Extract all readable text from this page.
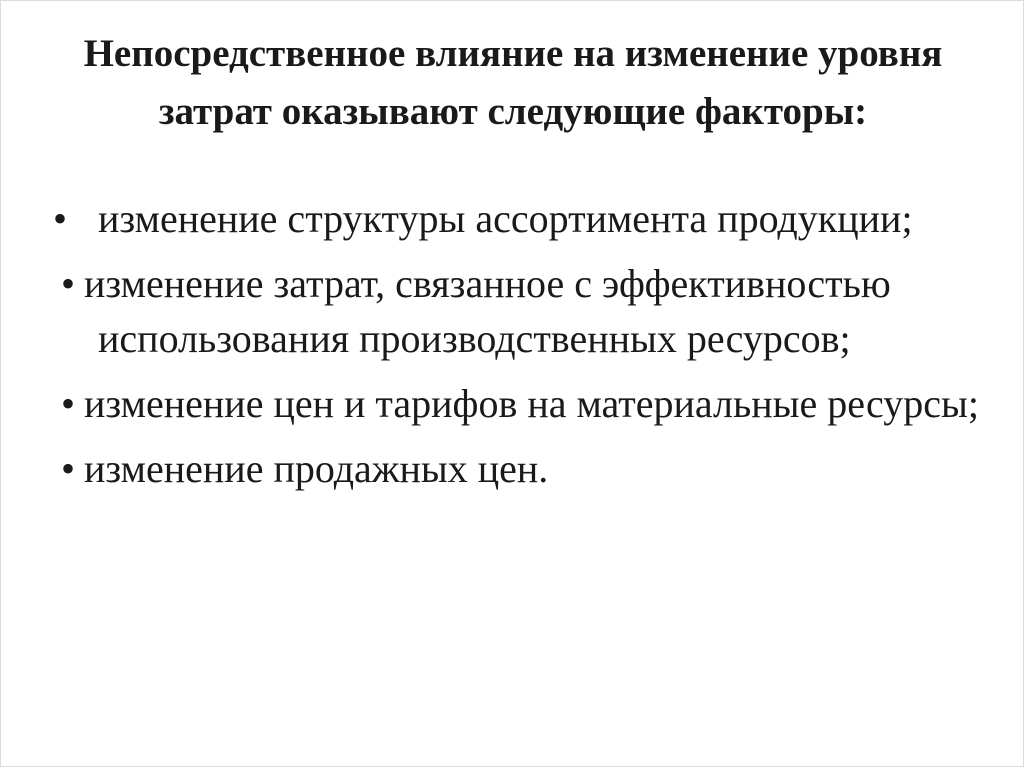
Непосредственное влияние на изменение уровня затрат оказывают следующие факторы:
• изменение структуры ассортимента продукции;
• изменение затрат, связанное с эффективностью использования производственных ресурсов;
• изменение цен и тарифов на материальные ресурсы;
• изменение продажных цен.
